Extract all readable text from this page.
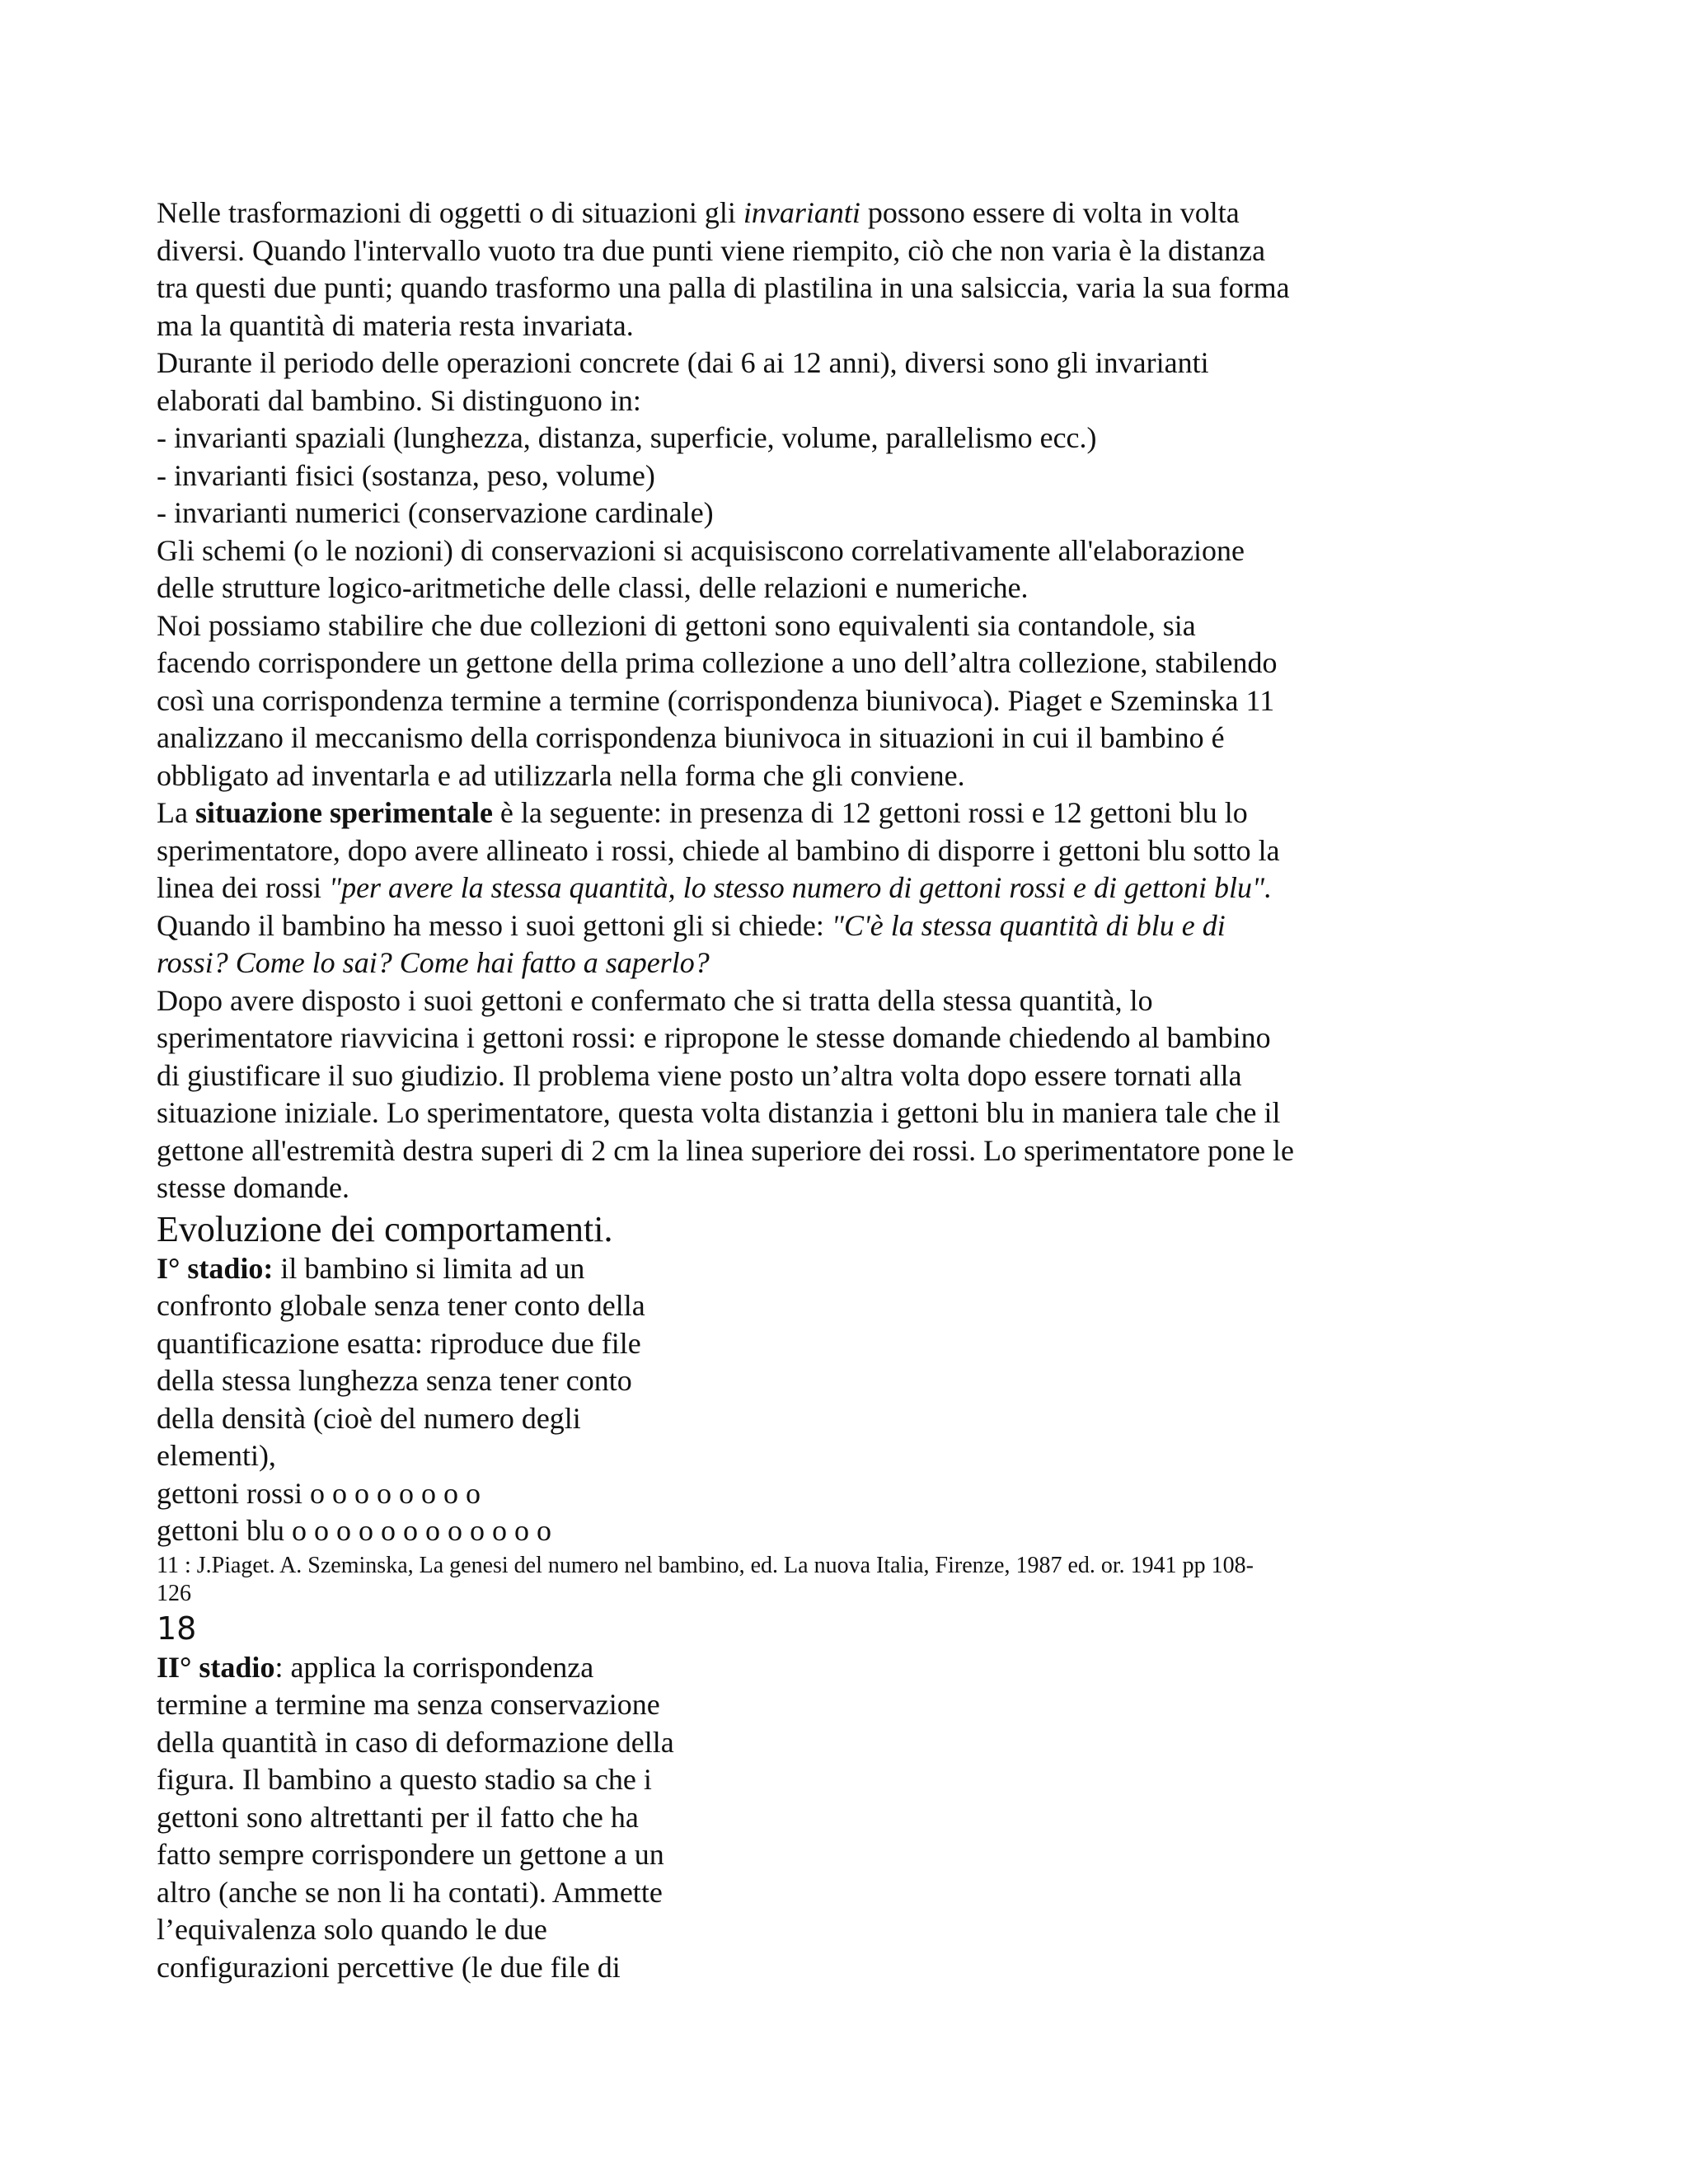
Nelle trasformazioni di oggetti o di situazioni gli invarianti possono essere di volta in volta
diversi. Quando l'intervallo vuoto tra due punti viene riempito, ciò che non varia è la distanza
tra questi due punti; quando trasformo una palla di plastilina in una salsiccia, varia la sua forma
ma la quantità di materia resta invariata.
Durante il periodo delle operazioni concrete (dai 6 ai 12 anni), diversi sono gli invarianti
elaborati dal bambino. Si distinguono in:
- invarianti spaziali (lunghezza, distanza, superficie, volume, parallelismo ecc.)
- invarianti fisici (sostanza, peso, volume)
- invarianti numerici (conservazione cardinale)
Gli schemi (o le nozioni) di conservazioni si acquisiscono correlativamente all'elaborazione
delle strutture logico-aritmetiche delle classi, delle relazioni e numeriche.
Noi possiamo stabilire che due collezioni di gettoni sono equivalenti sia contandole, sia
facendo corrispondere un gettone della prima collezione a uno dell’altra collezione, stabilendo
così una corrispondenza termine a termine (corrispondenza biunivoca). Piaget e Szeminska 11
analizzano il meccanismo della corrispondenza biunivoca in situazioni in cui il bambino é
obbligato ad inventarla e ad utilizzarla nella forma che gli conviene.
La situazione sperimentale è la seguente: in presenza di 12 gettoni rossi e 12 gettoni blu lo
sperimentatore, dopo avere allineato i rossi, chiede al bambino di disporre i gettoni blu sotto la
linea dei rossi "per avere la stessa quantità, lo stesso numero di gettoni rossi e di gettoni blu".
Quando il bambino ha messo i suoi gettoni gli si chiede: "C'è la stessa quantità di blu e di
rossi? Come lo sai? Come hai fatto a saperlo?
Dopo avere disposto i suoi gettoni e confermato che si tratta della stessa quantità, lo
sperimentatore riavvicina i gettoni rossi: e ripropone le stesse domande chiedendo al bambino
di giustificare il suo giudizio. Il problema viene posto un’altra volta dopo essere tornati alla
situazione iniziale. Lo sperimentatore, questa volta distanzia i gettoni blu in maniera tale che il
gettone all'estremità destra superi di 2 cm la linea superiore dei rossi. Lo sperimentatore pone le
stesse domande.
Evoluzione dei comportamenti.
I° stadio: il bambino si limita ad un
confronto globale senza tener conto della
quantificazione esatta: riproduce due file
della stessa lunghezza senza tener conto
della densità (cioè del numero degli
elementi),
gettoni rossi o o o o o o o o
gettoni blu o o o o o o o o o o o o
11 : J.Piaget. A. Szeminska, La genesi del numero nel bambino, ed. La nuova Italia, Firenze, 1987 ed. or. 1941 pp 108-
126
18
II° stadio: applica la corrispondenza
termine a termine ma senza conservazione
della quantità in caso di deformazione della
figura. Il bambino a questo stadio sa che i
gettoni sono altrettanti per il fatto che ha
fatto sempre corrispondere un gettone a un
altro (anche se non li ha contati). Ammette
l’equivalenza solo quando le due
configurazioni percettive (le due file di
